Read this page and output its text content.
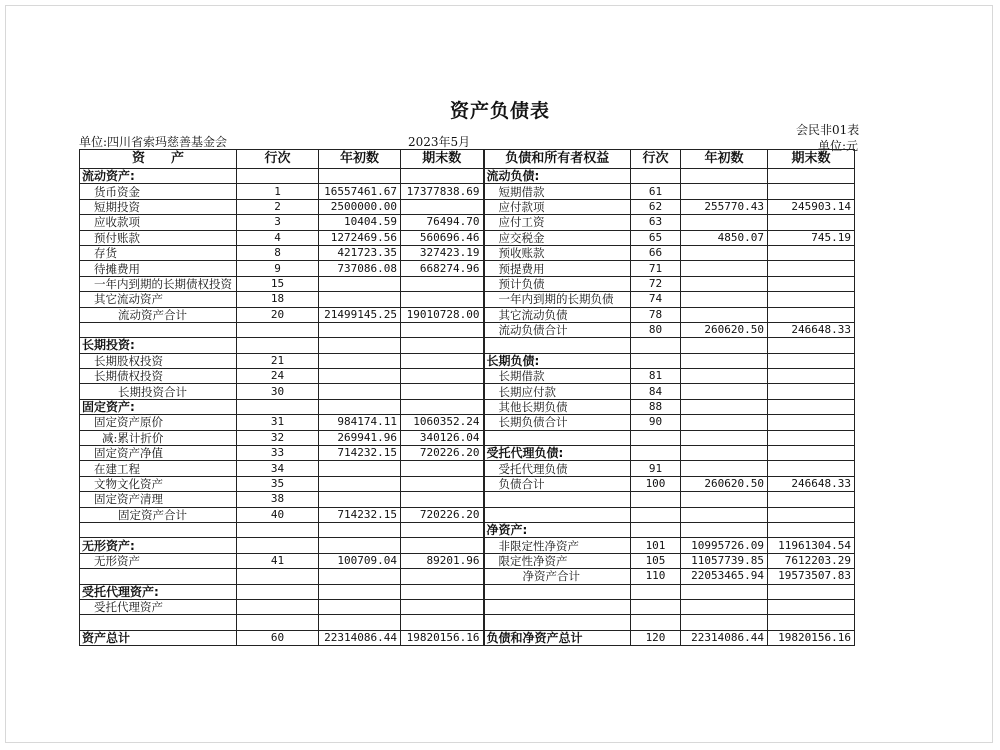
资产负债表
会民非01表
单位:四川省索玛慈善基金会	2023年5月	单位:元
资　　产	行次	年初数	期末数	负债和所有者权益	行次	年初数	期末数
流动资产:				流动负债:			
货币资金	1	16557461.67	17377838.69	短期借款	61		
短期投资	2	2500000.00		应付款项	62	255770.43	245903.14
应收款项	3	10404.59	76494.70	应付工资	63		
预付账款	4	1272469.56	560696.46	应交税金	65	4850.07	745.19
存货	8	421723.35	327423.19	预收账款	66		
待摊费用	9	737086.08	668274.96	预提费用	71		
一年内到期的长期债权投资	15			预计负债	72		
其它流动资产	18			一年内到期的长期负债	74		
流动资产合计	20	21499145.25	19010728.00	其它流动负债	78		
				流动负债合计	80	260620.50	246648.33
长期投资:							
长期股权投资	21			长期负债:			
长期债权投资	24			长期借款	81		
长期投资合计	30			长期应付款	84		
固定资产:				其他长期负债	88		
固定资产原价	31	984174.11	1060352.24	长期负债合计	90		
减:累计折价	32	269941.96	340126.04				
固定资产净值	33	714232.15	720226.20	受托代理负债:			
在建工程	34			受托代理负债	91		
文物文化资产	35			负债合计	100	260620.50	246648.33
固定资产清理	38						
固定资产合计	40	714232.15	720226.20				
				净资产:			
无形资产:				非限定性净资产	101	10995726.09	11961304.54
无形资产	41	100709.04	89201.96	限定性净资产	105	11057739.85	7612203.29
				净资产合计	110	22053465.94	19573507.83
受托代理资产:							
受托代理资产							

资产总计	60	22314086.44	19820156.16	负债和净资产总计	120	22314086.44	19820156.16
